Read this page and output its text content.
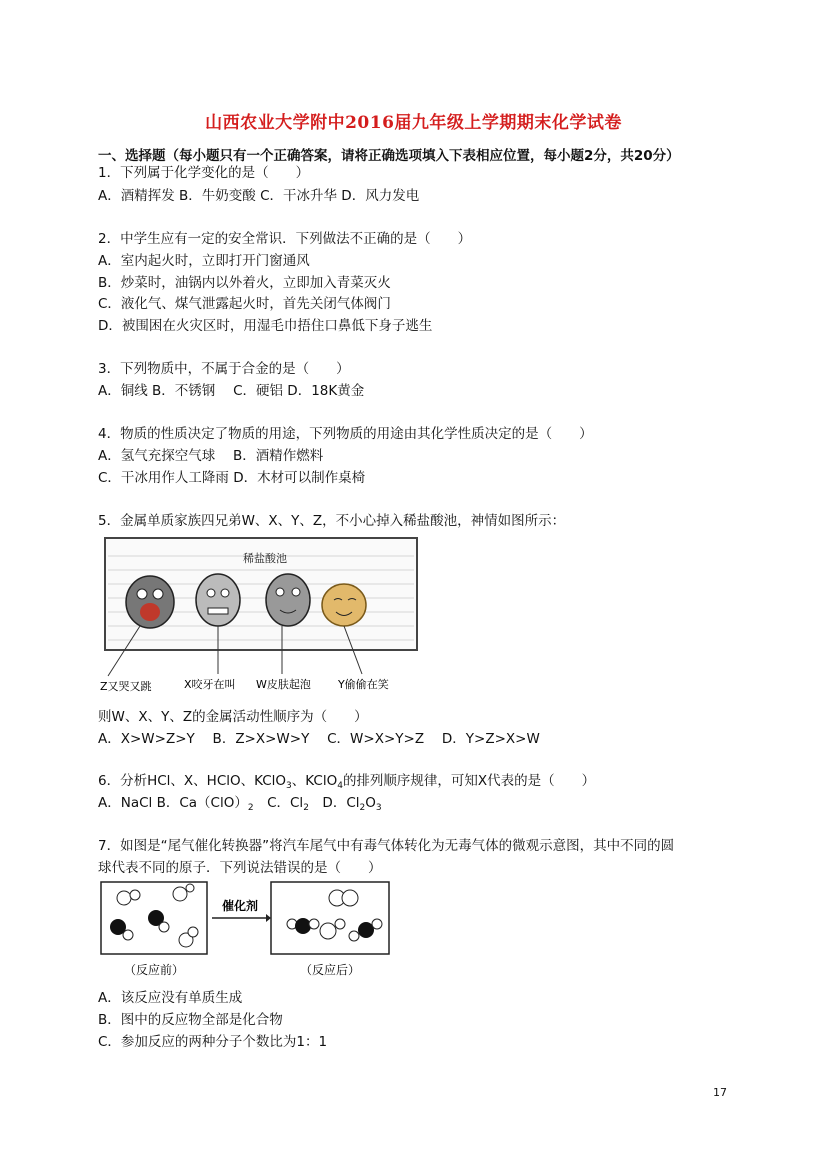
山西农业大学附中2016届九年级上学期期末化学试卷
一、选择题（每小题只有一个正确答案，请将正确选项填入下表相应位置，每小题2分，共20分）
1．下列属于化学变化的是（　　）
A．酒精挥发 B．牛奶变酸 C．干冰升华 D．风力发电
2．中学生应有一定的安全常识．下列做法不正确的是（　　）
A．室内起火时，立即打开门窗通风
B．炒菜时，油锅内以外着火，立即加入青菜灭火
C．液化气、煤气泄露起火时，首先关闭气体阀门
D．被围困在火灾区时，用湿毛巾捂住口鼻低下身子逃生
3．下列物质中，不属于合金的是（　　）
A．铜线 B．不锈钢　 C．硬铝 D．18K黄金
4．物质的性质决定了物质的用途，下列物质的用途由其化学性质决定的是（　　）
A．氢气充探空气球　 B．酒精作燃料
C．干冰用作人工降雨 D．木材可以制作桌椅
5．金属单质家族四兄弟W、X、Y、Z，不小心掉入稀盐酸池，神情如图所示：
稀盐酸池
Z又哭又跳	X咬牙在叫 W皮肤起泡 Y偷偷在笑
则W、X、Y、Z的金属活动性顺序为（　　）
A．X>W>Z>Y　 B．Z>X>W>Y　 C．W>X>Y>Z　 D．Y>Z>X>W
6．分析HCl、X、HClO、KClO$_3$、KClO$_4$的排列顺序规律，可知X代表的是（　　）
A．NaCl B．$Ca(ClO)_2$　C．$Cl_2$　D．$Cl_2O_3$
7．如图是“尾气催化转换器”将汽车尾气中有毒气体转化为无毒气体的微观示意图，其中不同的圆
球代表不同的原子．下列说法错误的是（　　）
催化剂
（反应前）	（反应后）
A．该反应没有单质生成
B．图中的反应物全部是化合物
C．参加反应的两种分子个数比为1：1
17
